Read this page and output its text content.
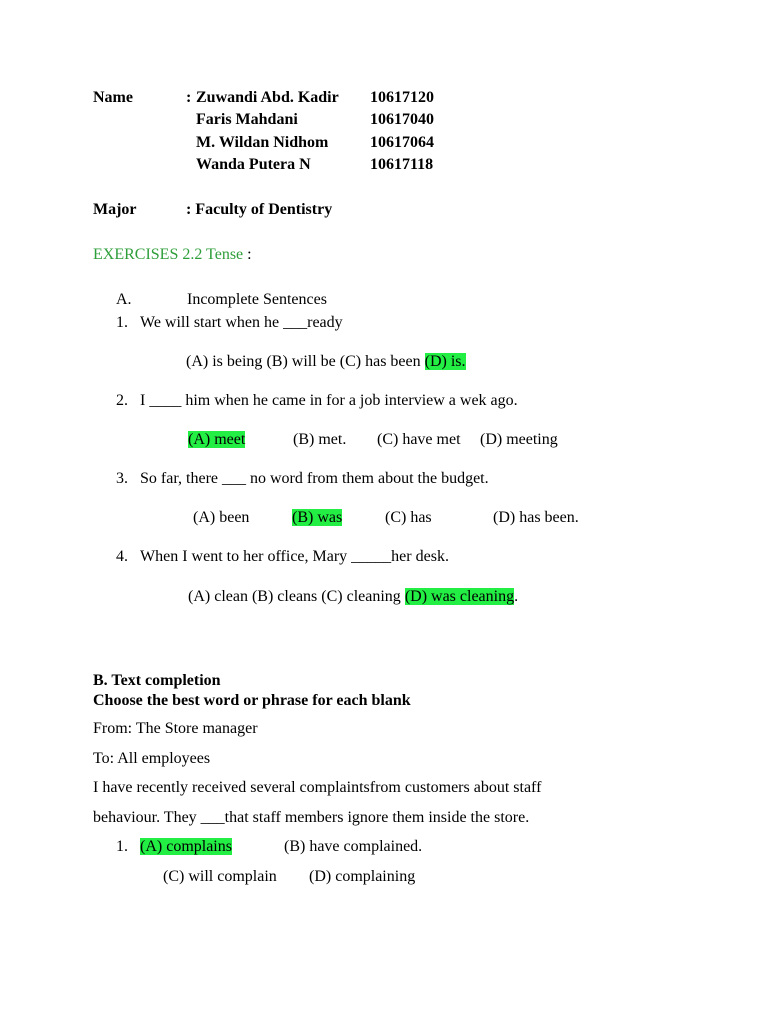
Name	: Zuwandi Abd. Kadir 10617120
Faris Mahdani	10617040
M. Wildan Nidhom	10617064
Wanda Putera N	10617118
Major	: Faculty of Dentistry
EXERCISES 2.2 Tense :
A.	Incomplete Sentences
1. We will start when he ___ready
(A) is being (B) will be (C) has been (D) is.
2. I ____ him when he came in for a job interview a wek ago.
(A) meet	(B) met. (C) have met (D) meeting
3. So far, there ___ no word from them about the budget.
(A) been	(B) was	(C) has	(D) has been.
4. When I went to her office, Mary _____her desk.
(A) clean (B) cleans (C) cleaning (D) was cleaning.
B. Text completion
Choose the best word or phrase for each blank
From: The Store manager
To: All employees
I have recently received several complaintsfrom customers about staff
behaviour. They ___that staff members ignore them inside the store.
1. (A) complains	(B) have complained.
(C) will complain (D) complaining
